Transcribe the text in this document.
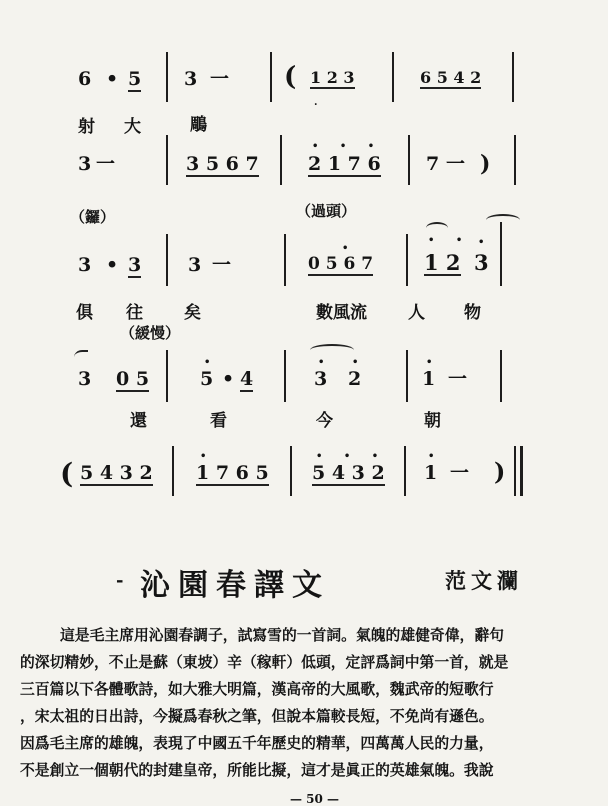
6 • 5 3 一 ( 1 2 3
.
6 5 4 2
射 大	鵰
3 一	3 5 6 7
• • •
2 1 7 6 7 一 )
（鑼）	（過頭）
3 • 3 3 一	0 5 6 7
•
• •
1 2
•
3
俱 往 矣	數風流 人 物
（緩慢）
3 0 5
•
5 • 4
•
3
•
2
•
1 一
還	看	今	朝
( 5 4 3 2
•
1 7 6 5
• • •
5 4 3 2
•
1 一 )
‐ 沁園春譯文	范文瀾

這是毛主席用沁園春調子，試寫雪的一首詞。氣魄的雄健奇偉，辭句

的深切精妙，不止是蘇（東坡）辛（稼軒）低頭，定評爲詞中第一首，就是

三百篇以下各體歌詩，如大雅大明篇，漢高帝的大風歌，魏武帝的短歌行

，宋太祖的日出詩，今擬爲春秋之筆，但說本篇較長短，不免尚有遜色。

因爲毛主席的雄魄，表現了中國五千年歷史的精華，四萬萬人民的力量，

不是創立一個朝代的封建皇帝，所能比擬，這才是眞正的英雄氣魄。我說

— 50 —
